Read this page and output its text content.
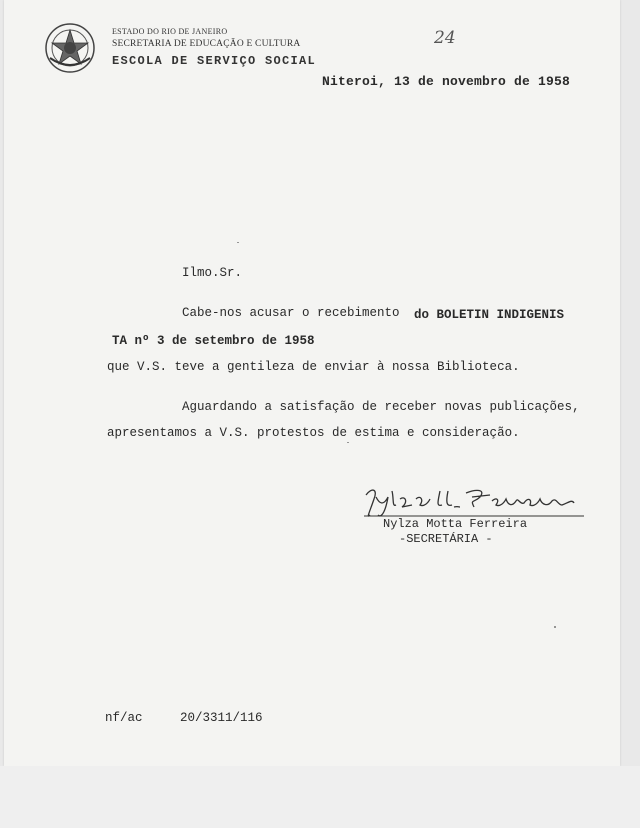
ESTADO DO RIO DE JANEIRO
SECRETARIA DE EDUCAÇÃO E CULTURA
ESCOLA DE SERVIÇO SOCIAL
24
Niteroi, 13 de novembro de 1958
Ilmo.Sr.
Cabe-nos acusar o recebimento do BOLETIN INDIGENIS
TA nº 3 de setembro de 1958
que V.S. teve a gentileza de enviar à nossa Biblioteca.
Aguardando a satisfação de receber novas publicações,
apresentamos a V.S. protestos de estima e consideração.
Nylza Motta Ferreira
-SECRETÁRIA -
nf/ac	20/3311/116
